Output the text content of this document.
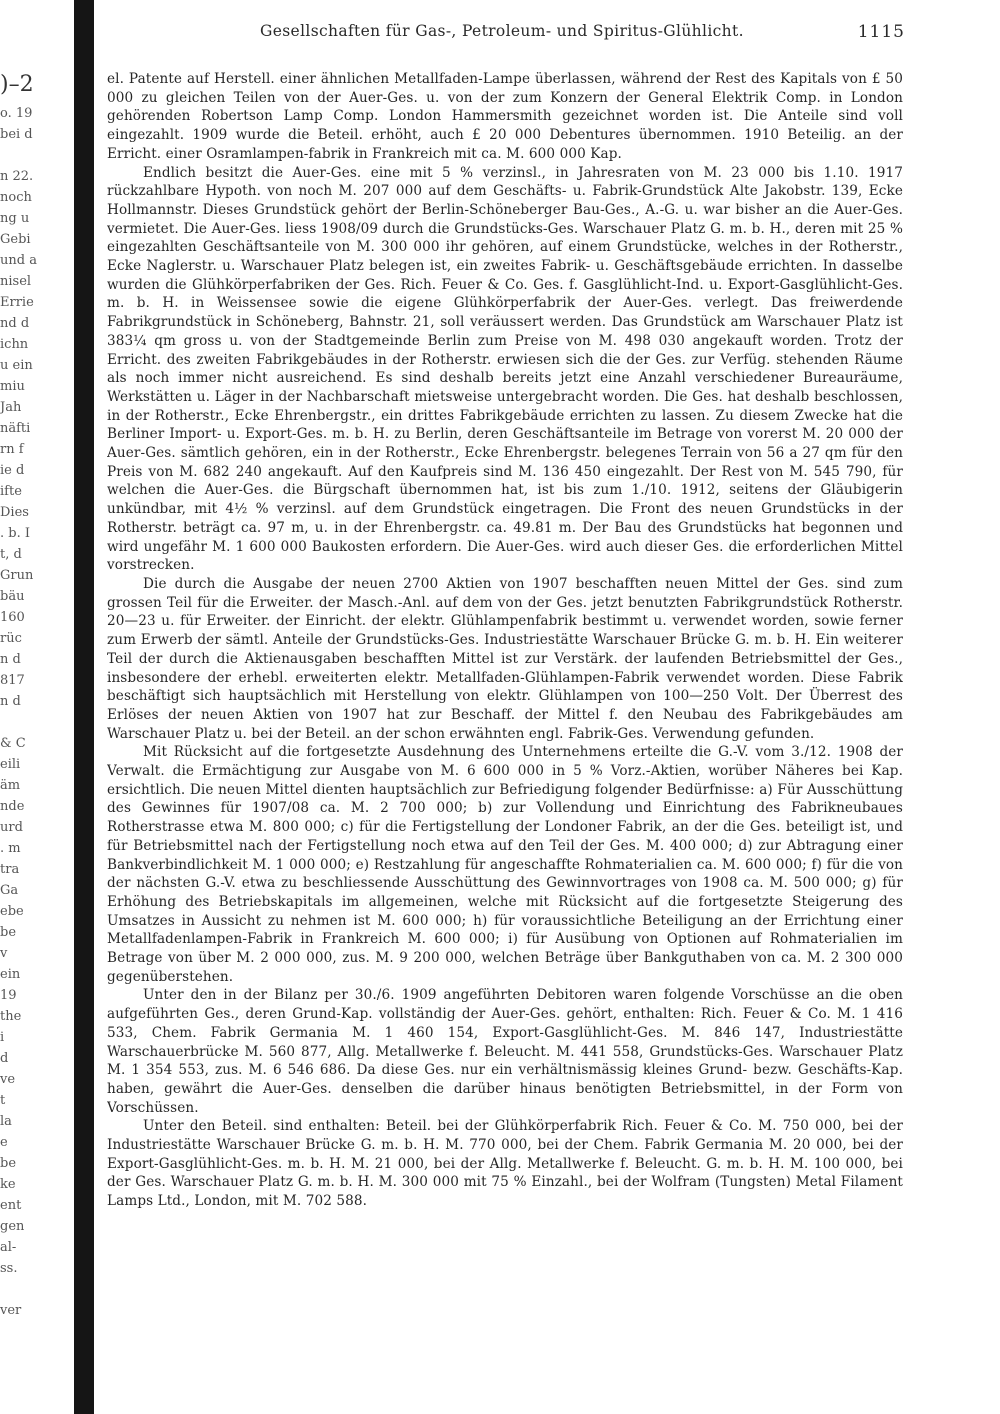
)–2
o. 19
bei d
n 22.
noch
ng u
Gebi
und a
nisel
Errie
nd d
ichn
u ein
miu
Jah
näfti
rn f
ie d
ifte
Dies
. b. I
t, d
Grun
bäu
160
rüc
n d
817
n d
& C
eili
äm
nde
urd
. m
tra
Ga
ebe
be
v
ein
19
the
i
d
ve
t
la
e
be
ke
ent
gen
al-
ss.
ver
Gesellschaften für Gas-, Petroleum- und Spiritus-Glühlicht.	1115

el. Patente auf Herstell. einer ähnlichen Metallfaden-Lampe überlassen, während der Rest des Kapitals von £ 50 000 zu gleichen Teilen von der Auer-Ges. u. von der zum Konzern der General Elektrik Comp. in London gehörenden Robertson Lamp Comp. London Hammersmith gezeichnet worden ist. Die Anteile sind voll eingezahlt. 1909 wurde die Beteil. erhöht, auch £ 20 000 Debentures übernommen. 1910 Beteilig. an der Erricht. einer Osramlampen-fabrik in Frankreich mit ca. M. 600 000 Kap.

Endlich besitzt die Auer-Ges. eine mit 5 % verzinsl., in Jahresraten von M. 23 000 bis 1.10. 1917 rückzahlbare Hypoth. von noch M. 207 000 auf dem Geschäfts- u. Fabrik-Grundstück Alte Jakobstr. 139, Ecke Hollmannstr. Dieses Grundstück gehört der Berlin-Schöneberger Bau-Ges., A.-G. u. war bisher an die Auer-Ges. vermietet. Die Auer-Ges. liess 1908/09 durch die Grundstücks-Ges. Warschauer Platz G. m. b. H., deren mit 25 % eingezahlten Geschäftsanteile von M. 300 000 ihr gehören, auf einem Grundstücke, welches in der Rotherstr., Ecke Naglerstr. u. Warschauer Platz belegen ist, ein zweites Fabrik- u. Geschäftsgebäude errichten. In dasselbe wurden die Glühkörperfabriken der Ges. Rich. Feuer & Co. Ges. f. Gasglühlicht-Ind. u. Export-Gasglühlicht-Ges. m. b. H. in Weissensee sowie die eigene Glühkörperfabrik der Auer-Ges. verlegt. Das freiwerdende Fabrikgrundstück in Schöneberg, Bahnstr. 21, soll veräussert werden. Das Grundstück am Warschauer Platz ist 383¼ qm gross u. von der Stadtgemeinde Berlin zum Preise von M. 498 030 angekauft worden. Trotz der Erricht. des zweiten Fabrikgebäudes in der Rotherstr. erwiesen sich die der Ges. zur Verfüg. stehenden Räume als noch immer nicht ausreichend. Es sind deshalb bereits jetzt eine Anzahl verschiedener Bureauräume, Werkstätten u. Läger in der Nachbarschaft mietsweise untergebracht worden. Die Ges. hat deshalb beschlossen, in der Rotherstr., Ecke Ehrenbergstr., ein drittes Fabrikgebäude errichten zu lassen. Zu diesem Zwecke hat die Berliner Import- u. Export-Ges. m. b. H. zu Berlin, deren Geschäftsanteile im Betrage von vorerst M. 20 000 der Auer-Ges. sämtlich gehören, ein in der Rotherstr., Ecke Ehrenbergstr. belegenes Terrain von 56 a 27 qm für den Preis von M. 682 240 angekauft. Auf den Kaufpreis sind M. 136 450 eingezahlt. Der Rest von M. 545 790, für welchen die Auer-Ges. die Bürgschaft übernommen hat, ist bis zum 1./10. 1912, seitens der Gläubigerin unkündbar, mit 4½ % verzinsl. auf dem Grundstück eingetragen. Die Front des neuen Grundstücks in der Rotherstr. beträgt ca. 97 m, u. in der Ehrenbergstr. ca. 49.81 m. Der Bau des Grundstücks hat begonnen und wird ungefähr M. 1 600 000 Baukosten erfordern. Die Auer-Ges. wird auch dieser Ges. die erforderlichen Mittel vorstrecken.

Die durch die Ausgabe der neuen 2700 Aktien von 1907 beschafften neuen Mittel der Ges. sind zum grossen Teil für die Erweiter. der Masch.-Anl. auf dem von der Ges. jetzt benutzten Fabrikgrundstück Rotherstr. 20—23 u. für Erweiter. der Einricht. der elektr. Glühlampenfabrik bestimmt u. verwendet worden, sowie ferner zum Erwerb der sämtl. Anteile der Grundstücks-Ges. Industriestätte Warschauer Brücke G. m. b. H. Ein weiterer Teil der durch die Aktienausgaben beschafften Mittel ist zur Verstärk. der laufenden Betriebsmittel der Ges., insbesondere der erhebl. erweiterten elektr. Metallfaden-Glühlampen-Fabrik verwendet worden. Diese Fabrik beschäftigt sich hauptsächlich mit Herstellung von elektr. Glühlampen von 100—250 Volt. Der Überrest des Erlöses der neuen Aktien von 1907 hat zur Beschaff. der Mittel f. den Neubau des Fabrikgebäudes am Warschauer Platz u. bei der Beteil. an der schon erwähnten engl. Fabrik-Ges. Verwendung gefunden.

Mit Rücksicht auf die fortgesetzte Ausdehnung des Unternehmens erteilte die G.-V. vom 3./12. 1908 der Verwalt. die Ermächtigung zur Ausgabe von M. 6 600 000 in 5 % Vorz.-Aktien, worüber Näheres bei Kap. ersichtlich. Die neuen Mittel dienten hauptsächlich zur Befriedigung folgender Bedürfnisse: a) Für Ausschüttung des Gewinnes für 1907/08 ca. M. 2 700 000; b) zur Vollendung und Einrichtung des Fabrikneubaues Rotherstrasse etwa M. 800 000; c) für die Fertigstellung der Londoner Fabrik, an der die Ges. beteiligt ist, und für Betriebsmittel nach der Fertigstellung noch etwa auf den Teil der Ges. M. 400 000; d) zur Abtragung einer Bankverbindlichkeit M. 1 000 000; e) Restzahlung für angeschaffte Rohmaterialien ca. M. 600 000; f) für die von der nächsten G.-V. etwa zu beschliessende Ausschüttung des Gewinnvortrages von 1908 ca. M. 500 000; g) für Erhöhung des Betriebskapitals im allgemeinen, welche mit Rücksicht auf die fortgesetzte Steigerung des Umsatzes in Aussicht zu nehmen ist M. 600 000; h) für voraussichtliche Beteiligung an der Errichtung einer Metallfadenlampen-Fabrik in Frankreich M. 600 000; i) für Ausübung von Optionen auf Rohmaterialien im Betrage von über M. 2 000 000, zus. M. 9 200 000, welchen Beträge über Bankguthaben von ca. M. 2 300 000 gegenüberstehen.

Unter den in der Bilanz per 30./6. 1909 angeführten Debitoren waren folgende Vorschüsse an die oben aufgeführten Ges., deren Grund-Kap. vollständig der Auer-Ges. gehört, enthalten: Rich. Feuer & Co. M. 1 416 533, Chem. Fabrik Germania M. 1 460 154, Export-Gasglühlicht-Ges. M. 846 147, Industriestätte Warschauerbrücke M. 560 877, Allg. Metallwerke f. Beleucht. M. 441 558, Grundstücks-Ges. Warschauer Platz M. 1 354 553, zus. M. 6 546 686. Da diese Ges. nur ein verhältnismässig kleines Grund- bezw. Geschäfts-Kap. haben, gewährt die Auer-Ges. denselben die darüber hinaus benötigten Betriebsmittel, in der Form von Vorschüssen.

Unter den Beteil. sind enthalten: Beteil. bei der Glühkörperfabrik Rich. Feuer & Co. M. 750 000, bei der Industriestätte Warschauer Brücke G. m. b. H. M. 770 000, bei der Chem. Fabrik Germania M. 20 000, bei der Export-Gasglühlicht-Ges. m. b. H. M. 21 000, bei der Allg. Metallwerke f. Beleucht. G. m. b. H. M. 100 000, bei der Ges. Warschauer Platz G. m. b. H. M. 300 000 mit 75 % Einzahl., bei der Wolfram (Tungsten) Metal Filament Lamps Ltd., London, mit M. 702 588.
